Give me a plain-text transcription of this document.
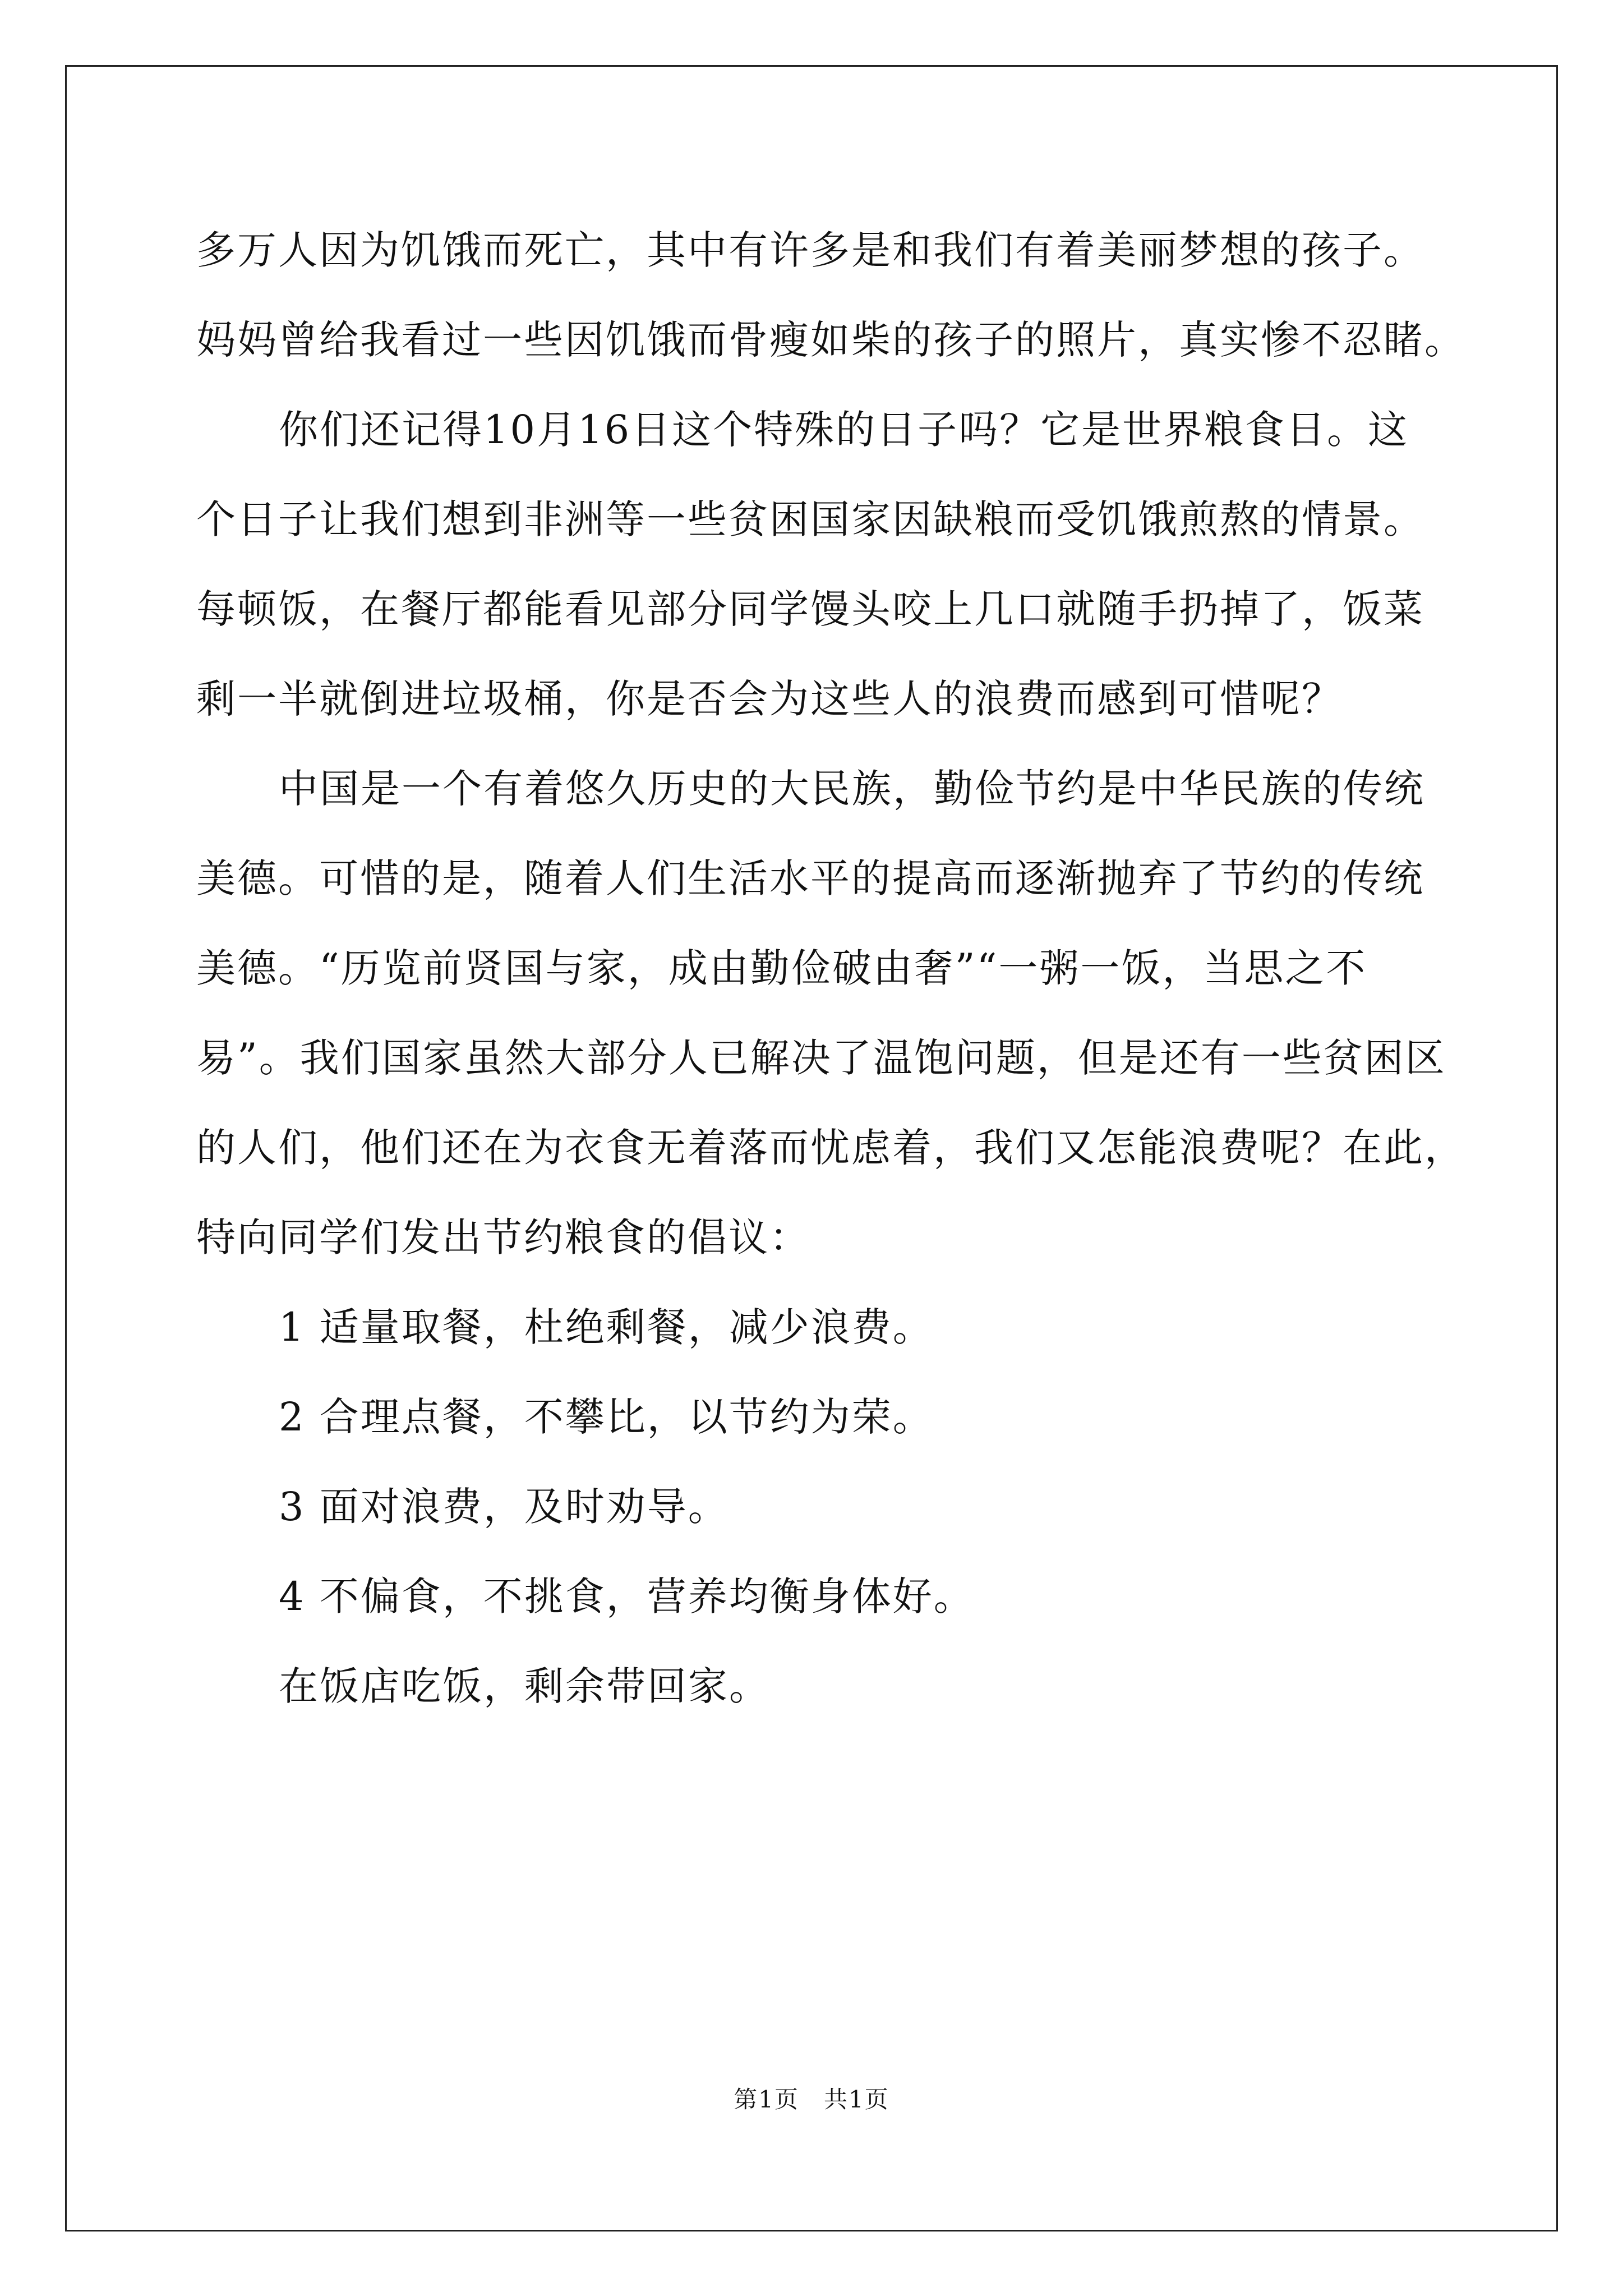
多万人因为饥饿而死亡，其中有许多是和我们有着美丽梦想的孩子。
妈妈曾给我看过一些因饥饿而骨瘦如柴的孩子的照片，真实惨不忍睹。
你们还记得10月16日这个特殊的日子吗？它是世界粮食日。这
个日子让我们想到非洲等一些贫困国家因缺粮而受饥饿煎熬的情景。
每顿饭，在餐厅都能看见部分同学馒头咬上几口就随手扔掉了，饭菜
剩一半就倒进垃圾桶，你是否会为这些人的浪费而感到可惜呢？
中国是一个有着悠久历史的大民族，勤俭节约是中华民族的传统
美德。可惜的是，随着人们生活水平的提高而逐渐抛弃了节约的传统
美德。“历览前贤国与家，成由勤俭破由奢”“一粥一饭，当思之不
易”。我们国家虽然大部分人已解决了温饱问题，但是还有一些贫困区
的人们，他们还在为衣食无着落而忧虑着，我们又怎能浪费呢？在此，
特向同学们发出节约粮食的倡议：
1 适量取餐，杜绝剩餐，减少浪费。
2 合理点餐，不攀比，以节约为荣。
3 面对浪费，及时劝导。
4 不偏食，不挑食，营养均衡身体好。
在饭店吃饭，剩余带回家。
第1页 共1页
